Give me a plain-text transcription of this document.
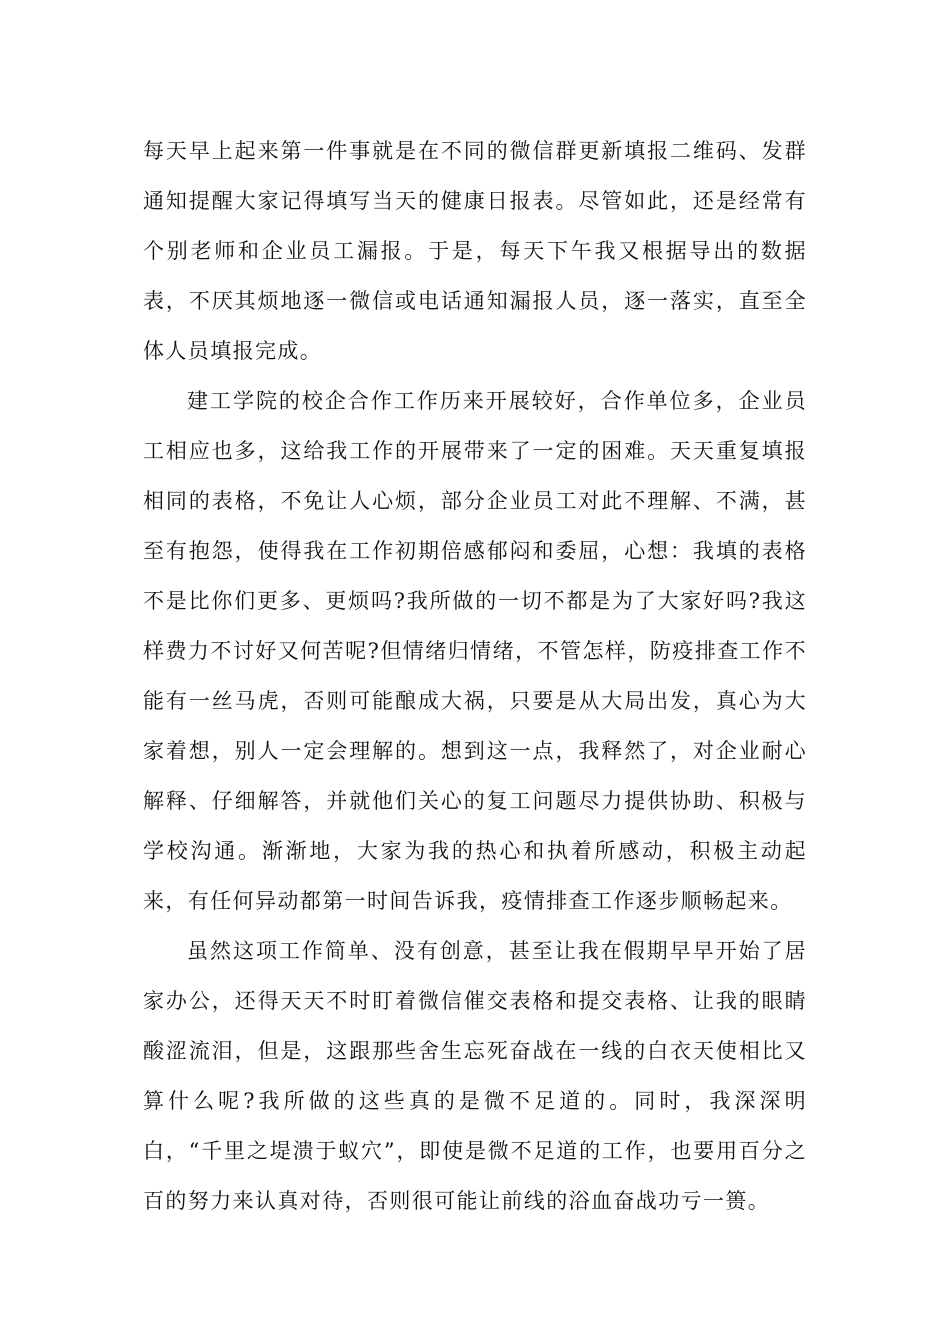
每天早上起来第一件事就是在不同的微信群更新填报二维码、发群通知提醒大家记得填写当天的健康日报表。尽管如此，还是经常有个别老师和企业员工漏报。于是，每天下午我又根据导出的数据表，不厌其烦地逐一微信或电话通知漏报人员，逐一落实，直至全体人员填报完成。

建工学院的校企合作工作历来开展较好，合作单位多，企业员工相应也多，这给我工作的开展带来了一定的困难。天天重复填报相同的表格，不免让人心烦，部分企业员工对此不理解、不满，甚至有抱怨，使得我在工作初期倍感郁闷和委屈，心想：我填的表格不是比你们更多、更烦吗?我所做的一切不都是为了大家好吗?我这样费力不讨好又何苦呢?但情绪归情绪，不管怎样，防疫排查工作不能有一丝马虎，否则可能酿成大祸，只要是从大局出发，真心为大家着想，别人一定会理解的。想到这一点，我释然了，对企业耐心解释、仔细解答，并就他们关心的复工问题尽力提供协助、积极与学校沟通。渐渐地，大家为我的热心和执着所感动，积极主动起来，有任何异动都第一时间告诉我，疫情排查工作逐步顺畅起来。

虽然这项工作简单、没有创意，甚至让我在假期早早开始了居家办公，还得天天不时盯着微信催交表格和提交表格、让我的眼睛酸涩流泪，但是，这跟那些舍生忘死奋战在一线的白衣天使相比又算什么呢?我所做的这些真的是微不足道的。同时，我深深明白，“千里之堤溃于蚁穴”，即使是微不足道的工作，也要用百分之百的努力来认真对待，否则很可能让前线的浴血奋战功亏一篑。
